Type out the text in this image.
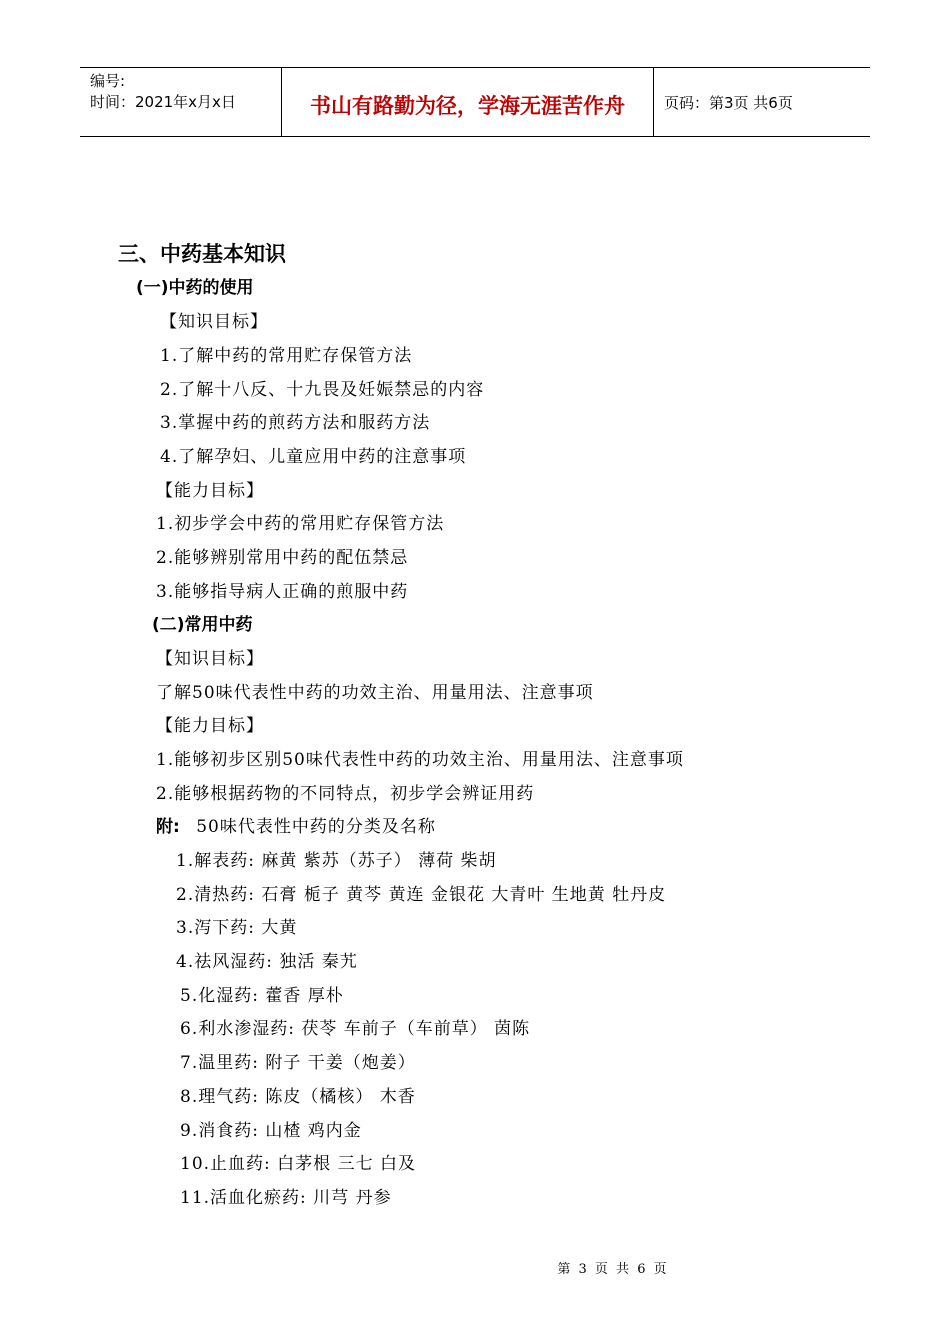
编号:
时间：2021年x月x日	书山有路勤为径，学海无涯苦作舟	页码：第3页 共6页
三、中药基本知识
(一)中药的使用
【知识目标】
1.了解中药的常用贮存保管方法
2.了解十八反、十九畏及妊娠禁忌的内容
3.掌握中药的煎药方法和服药方法
4.了解孕妇、儿童应用中药的注意事项
【能力目标】
1.初步学会中药的常用贮存保管方法
2.能够辨别常用中药的配伍禁忌
3.能够指导病人正确的煎服中药
(二)常用中药
【知识目标】
了解50味代表性中药的功效主治、用量用法、注意事项
【能力目标】
1.能够初步区别50味代表性中药的功效主治、用量用法、注意事项
2.能够根据药物的不同特点，初步学会辨证用药
附: 50味代表性中药的分类及名称
1.解表药: 麻黄 紫苏（苏子） 薄荷 柴胡
2.清热药: 石膏 栀子 黄芩 黄连 金银花 大青叶 生地黄 牡丹皮
3.泻下药: 大黄
4.祛风湿药: 独活 秦艽
5.化湿药: 藿香 厚朴
6.利水渗湿药: 茯苓 车前子（车前草） 茵陈
7.温里药: 附子 干姜（炮姜）
8.理气药: 陈皮（橘核） 木香
9.消食药: 山楂 鸡内金
10.止血药: 白茅根 三七 白及
11.活血化瘀药: 川芎 丹参
第 3 页 共 6 页
